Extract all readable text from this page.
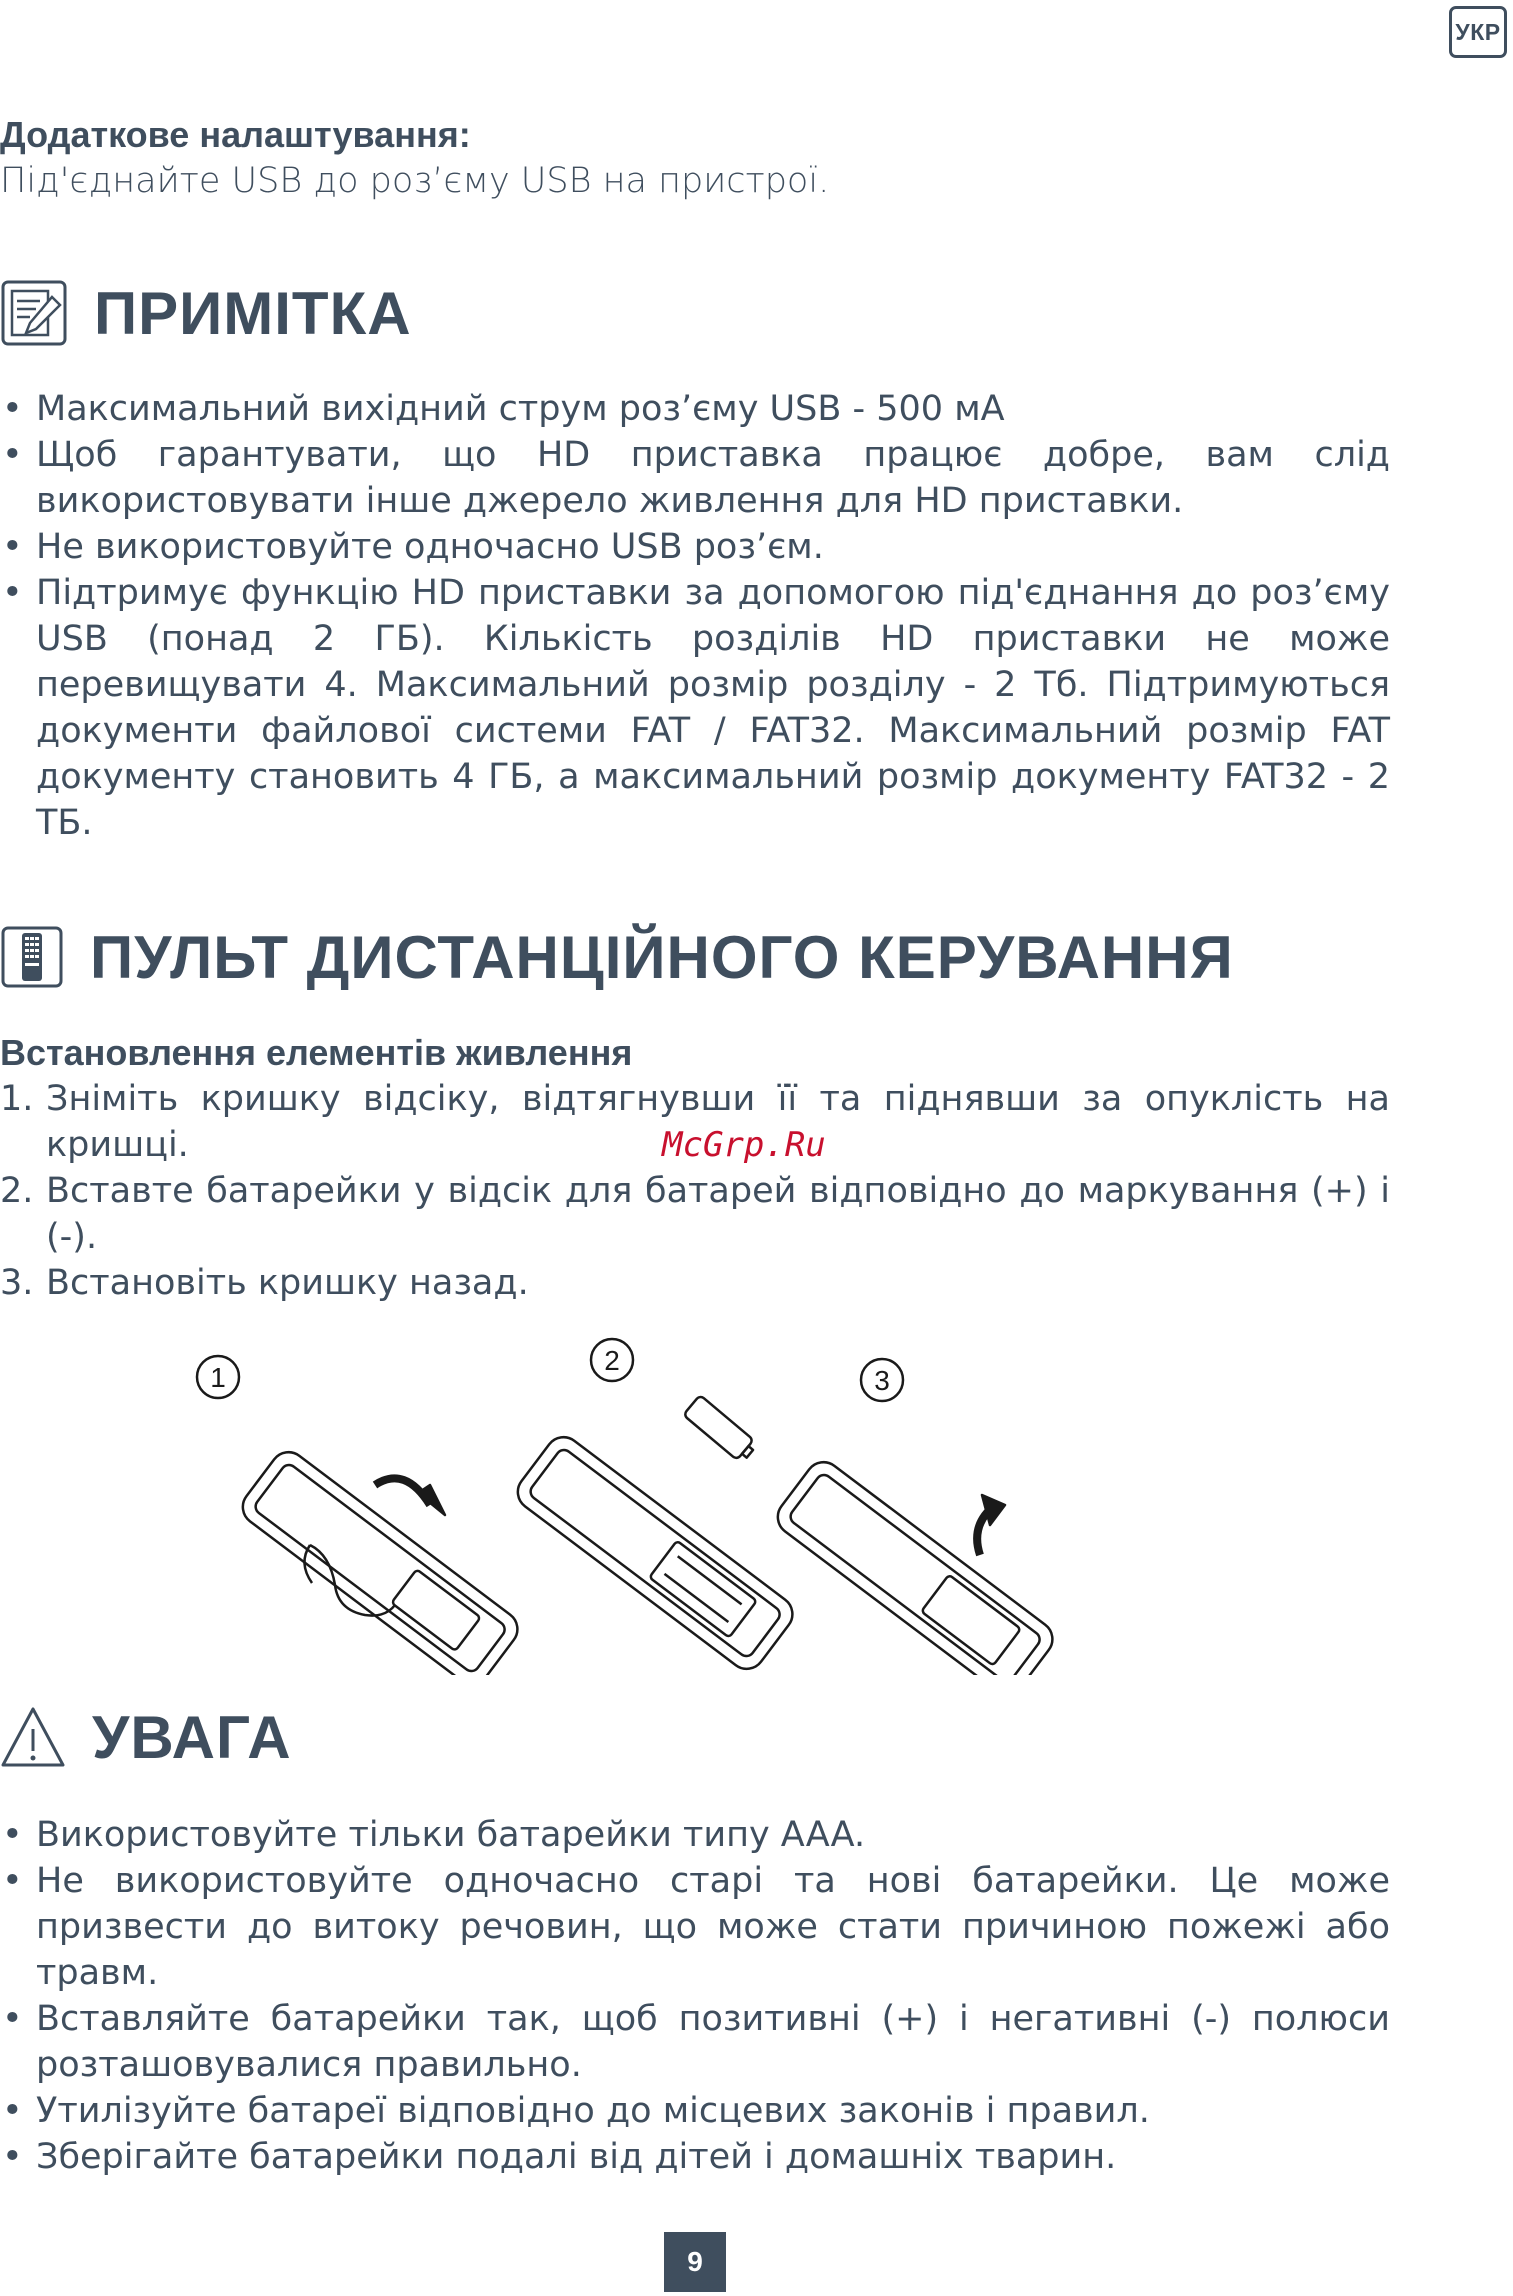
УКР
Додаткове налаштування:

Під'єднайте USB до роз’єму USB на пристрої.

ПРИМІТКА
• Максимальний вихідний струм роз’єму USB - 500 мА
• Щоб гарантувати, що HD приставка працює добре, вам слід використовувати інше джерело живлення для HD приставки.
• Не використовуйте одночасно USB роз’єм.
• Підтримує функцію HD приставки за допомогою під'єднання до роз’єму USB (понад 2 ГБ). Кількість розділів HD приставки не може перевищувати 4. Максимальний розмір розділу - 2 Тб. Підтримуються документи файлової системи FAT / FAT32. Максимальний розмір FAT документу становить 4 ГБ, а максимальний розмір документу FAT32 - 2 ТБ.
ПУЛЬТ ДИСТАНЦІЙНОГО КЕРУВАННЯ
Встановлення елементів живлення
1. Зніміть кришку відсіку, відтягнувши її та піднявши за опуклість на кришці.
2. Вставте батарейки у відсік для батарей відповідно до маркування (+) і (-).
3. Встановіть кришку назад.
McGrp.Ru
1
2
3
УВАГА
• Використовуйте тільки батарейки типу AAA.
• Не використовуйте одночасно старі та нові батарейки. Це може призвести до витоку речовин, що може стати причиною пожежі або травм.
• Вставляйте батарейки так, щоб позитивні (+) і негативні (-) полюси розташовувалися правильно.
• Утилізуйте батареї відповідно до місцевих законів і правил.
• Зберігайте батарейки подалі від дітей і домашніх тварин.
9
